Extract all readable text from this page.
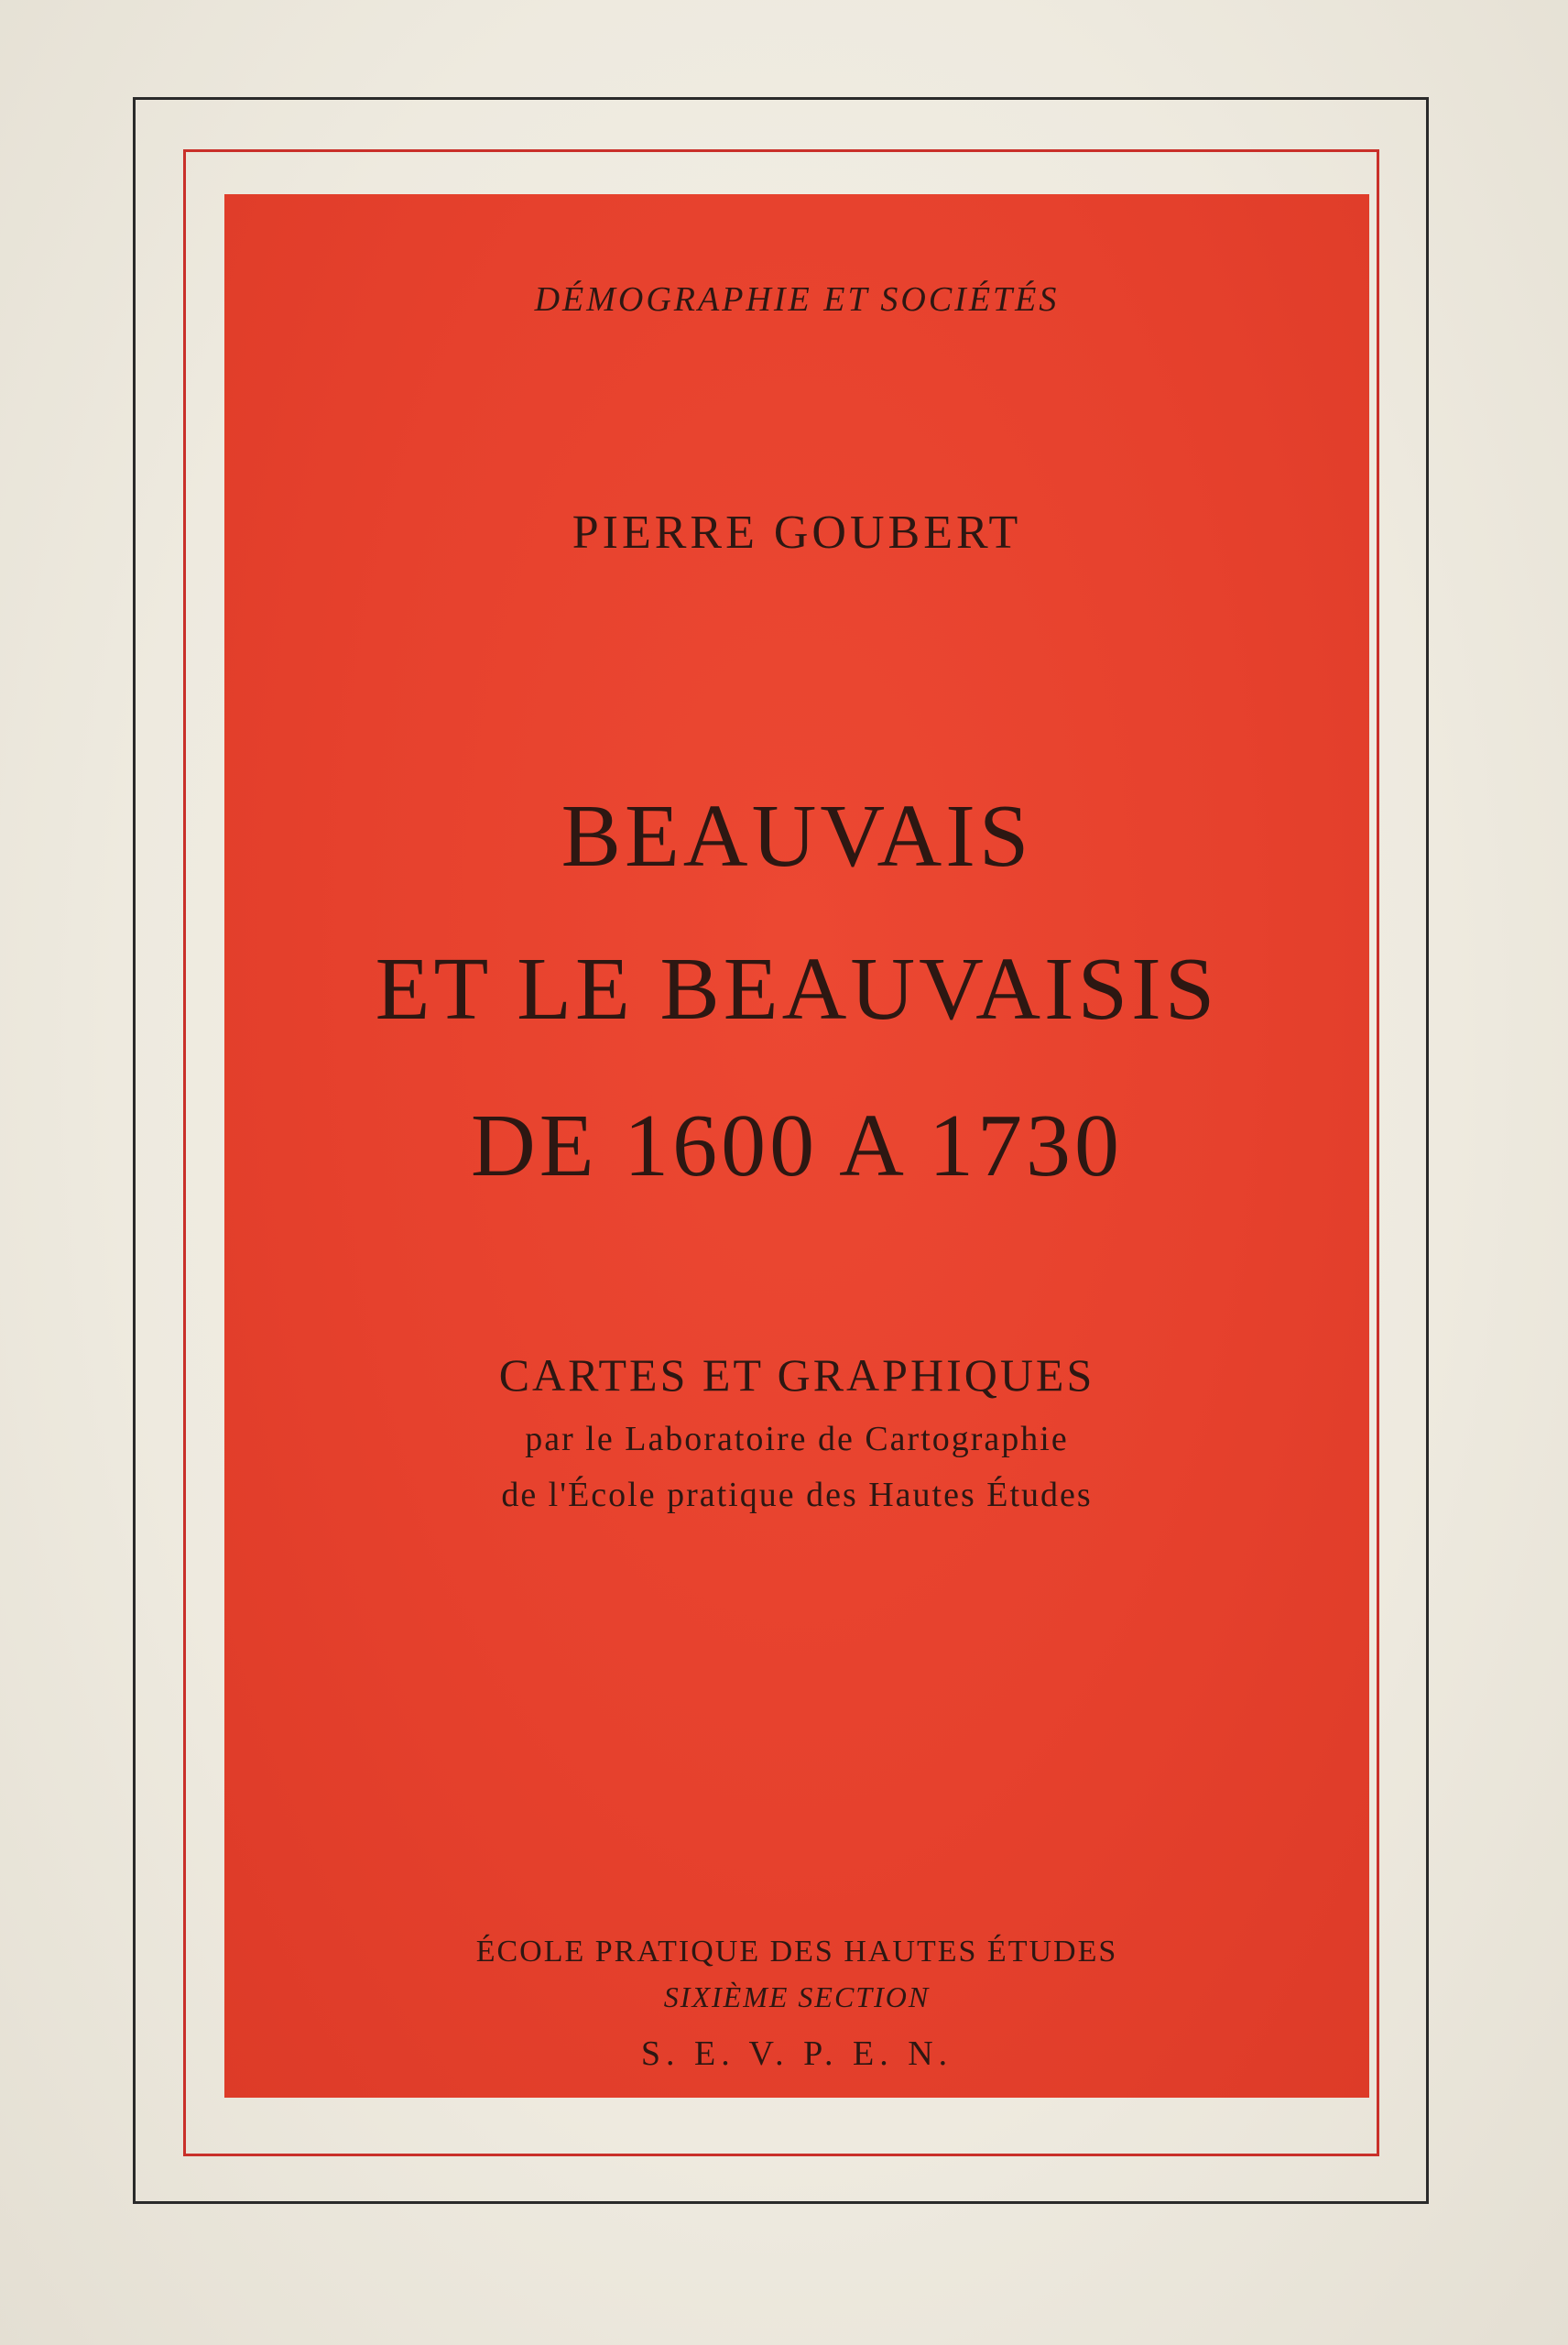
DÉMOGRAPHIE ET SOCIÉTÉS
PIERRE GOUBERT
BEAUVAIS
ET LE BEAUVAISIS
DE 1600 A 1730
CARTES ET GRAPHIQUES
par le Laboratoire de Cartographie
de l'École pratique des Hautes Études
ÉCOLE PRATIQUE DES HAUTES ÉTUDES
SIXIÈME SECTION
S. E. V. P. E. N.
